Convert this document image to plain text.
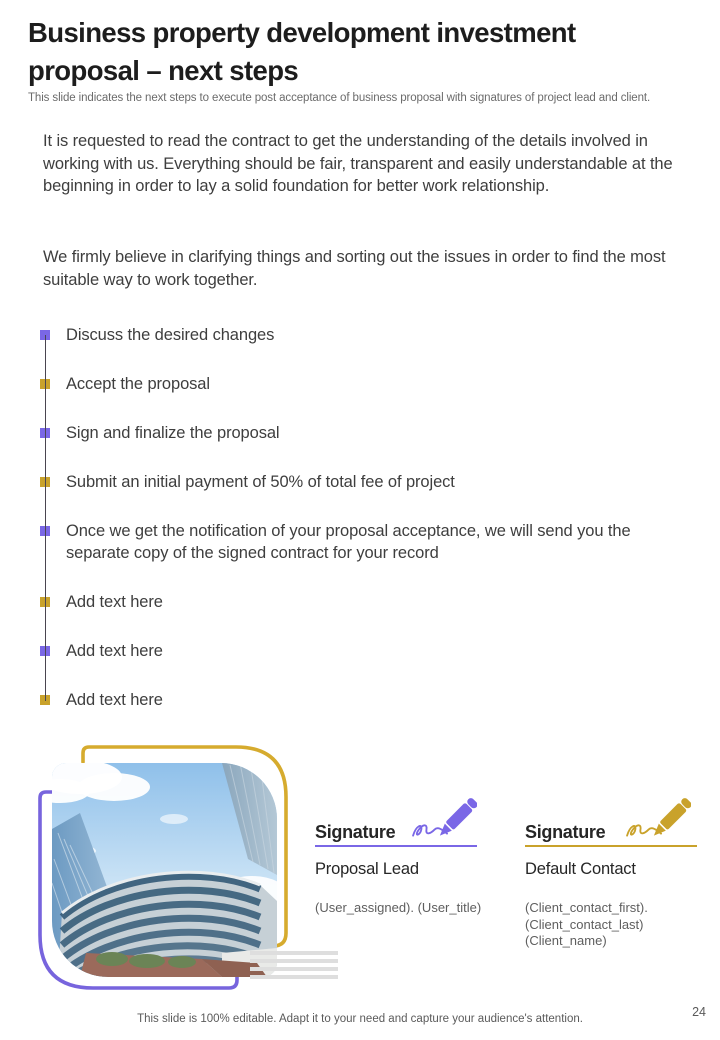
Business property development investment proposal – next steps

This slide indicates the next steps to execute post acceptance of business proposal with signatures of project lead and client.

It is requested to read the contract to get the understanding of the details involved in working with us. Everything should be fair, transparent and easily understandable at the beginning in order to lay a solid foundation for better work relationship.

We firmly believe in clarifying things and sorting out the issues in order to find the most suitable way to work together.

Discuss the desired changes
Accept the proposal
Sign and finalize the proposal
Submit an initial payment of 50% of total fee of project
Once we get the notification of your proposal acceptance, we will send you the separate copy of the signed contract for your record
Add text here
Add text here
Add text here
Signature
Proposal Lead
(User_assigned). (User_title)
Signature
Default Contact
(Client_contact_first).
(Client_contact_last)
(Client_name)

This slide is 100% editable. Adapt it to your need and capture your audience's attention.	24
